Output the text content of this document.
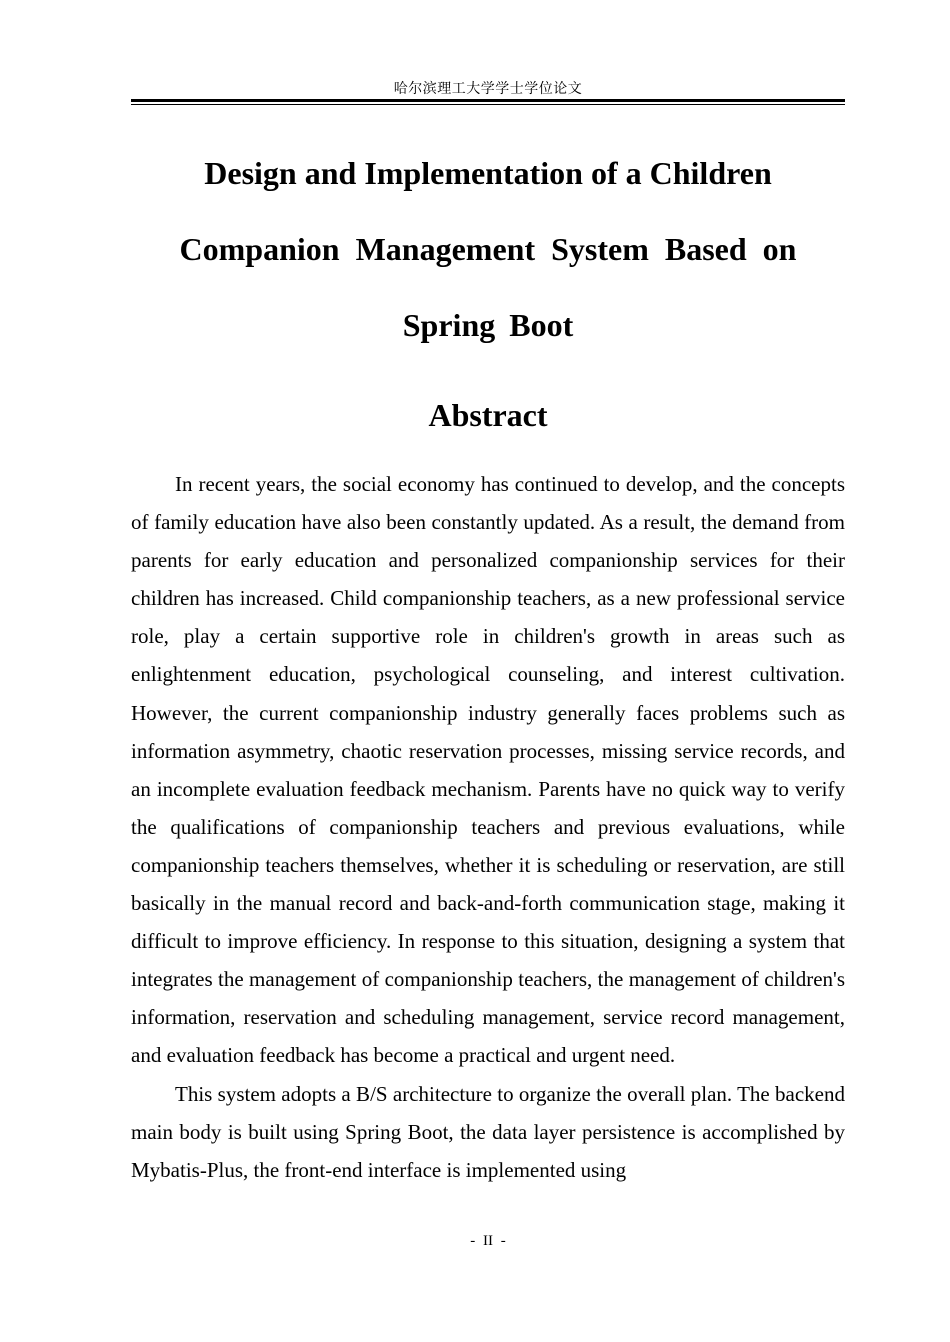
哈尔滨理工大学学士学位论文
Design and Implementation of a Children
Companion Management System Based on
Spring Boot
Abstract

In recent years, the social economy has continued to develop, and the concepts of family education have also been constantly updated. As a result, the demand from parents for early education and personalized companionship services for their children has increased. Child companionship teachers, as a new professional service role, play a certain supportive role in children's growth in areas such as enlightenment education, psychological counseling, and interest cultivation. However, the current companionship industry generally faces problems such as information asymmetry, chaotic reservation processes, missing service records, and an incomplete evaluation feedback mechanism. Parents have no quick way to verify the qualifications of companionship teachers and previous evaluations, while companionship teachers themselves, whether it is scheduling or reservation, are still basically in the manual record and back-and-forth communication stage, making it difficult to improve efficiency. In response to this situation, designing a system that integrates the management of companionship teachers, the management of children's information, reservation and scheduling management, service record management, and evaluation feedback has become a practical and urgent need.

This system adopts a B/S architecture to organize the overall plan. The backend main body is built using Spring Boot, the data layer persistence is accomplished by Mybatis-Plus, the front-end interface is implemented using

- II -
